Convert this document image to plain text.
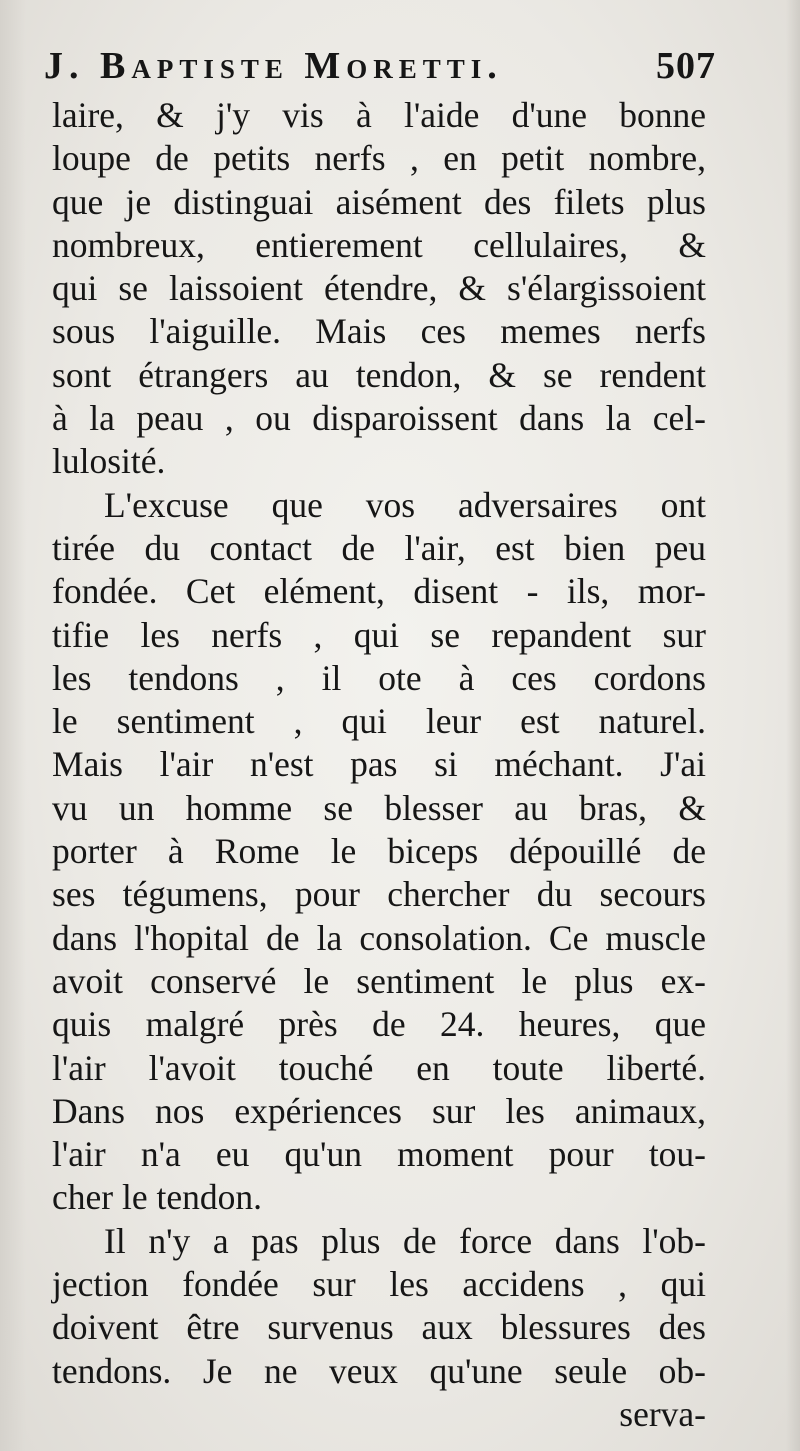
J. Baptiste Moretti.	507
laire, & j'y vis à l'aide d'une bonne
loupe de petits nerfs , en petit nombre,
que je distinguai aisément des filets plus
nombreux, entierement cellulaires, &
qui se laissoient étendre, & s'élargissoient
sous l'aiguille. Mais ces memes nerfs
sont étrangers au tendon, & se rendent
à la peau , ou disparoissent dans la cel-
lulosité.
L'excuse que vos adversaires ont
tirée du contact de l'air, est bien peu
fondée. Cet elément, disent - ils, mor-
tifie les nerfs , qui se repandent sur
les tendons , il ote à ces cordons
le sentiment , qui leur est naturel.
Mais l'air n'est pas si méchant. J'ai
vu un homme se blesser au bras, &
porter à Rome le biceps dépouillé de
ses tégumens, pour chercher du secours
dans l'hopital de la consolation. Ce muscle
avoit conservé le sentiment le plus ex-
quis malgré près de 24. heures, que
l'air l'avoit touché en toute liberté.
Dans nos expériences sur les animaux,
l'air n'a eu qu'un moment pour tou-
cher le tendon.
Il n'y a pas plus de force dans l'ob-
jection fondée sur les accidens , qui
doivent être survenus aux blessures des
tendons. Je ne veux qu'une seule ob-
serva-
